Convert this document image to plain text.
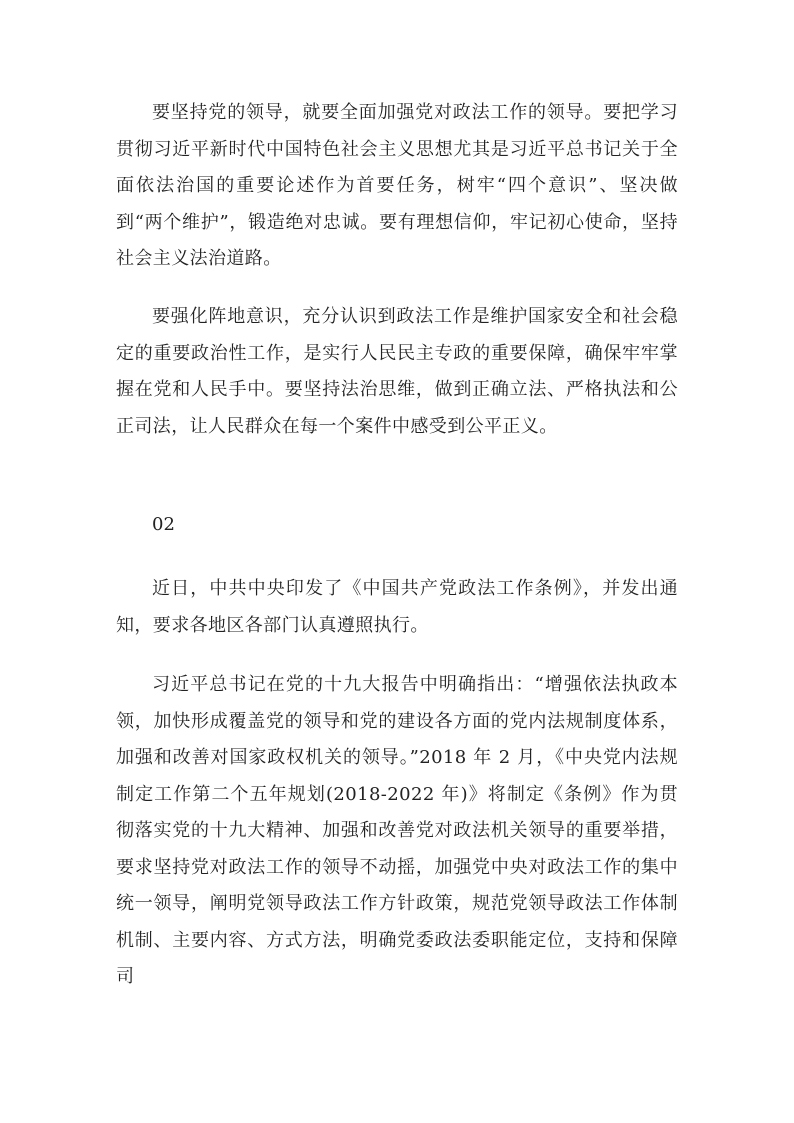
要坚持党的领导，就要全面加强党对政法工作的领导。要把学习贯彻习近平新时代中国特色社会主义思想尤其是习近平总书记关于全面依法治国的重要论述作为首要任务，树牢“四个意识”、坚决做到“两个维护”，锻造绝对忠诚。要有理想信仰，牢记初心使命，坚持社会主义法治道路。

要强化阵地意识，充分认识到政法工作是维护国家安全和社会稳定的重要政治性工作，是实行人民民主专政的重要保障，确保牢牢掌握在党和人民手中。要坚持法治思维，做到正确立法、严格执法和公正司法，让人民群众在每一个案件中感受到公平正义。

02

近日，中共中央印发了《中国共产党政法工作条例》，并发出通知，要求各地区各部门认真遵照执行。

习近平总书记在党的十九大报告中明确指出：“增强依法执政本领，加快形成覆盖党的领导和党的建设各方面的党内法规制度体系，加强和改善对国家政权机关的领导。”2018 年 2 月，《中央党内法规制定工作第二个五年规划(2018-2022 年)》将制定《条例》作为贯彻落实党的十九大精神、加强和改善党对政法机关领导的重要举措，要求坚持党对政法工作的领导不动摇，加强党中央对政法工作的集中统一领导，阐明党领导政法工作方针政策，规范党领导政法工作体制机制、主要内容、方式方法，明确党委政法委职能定位，支持和保障司
